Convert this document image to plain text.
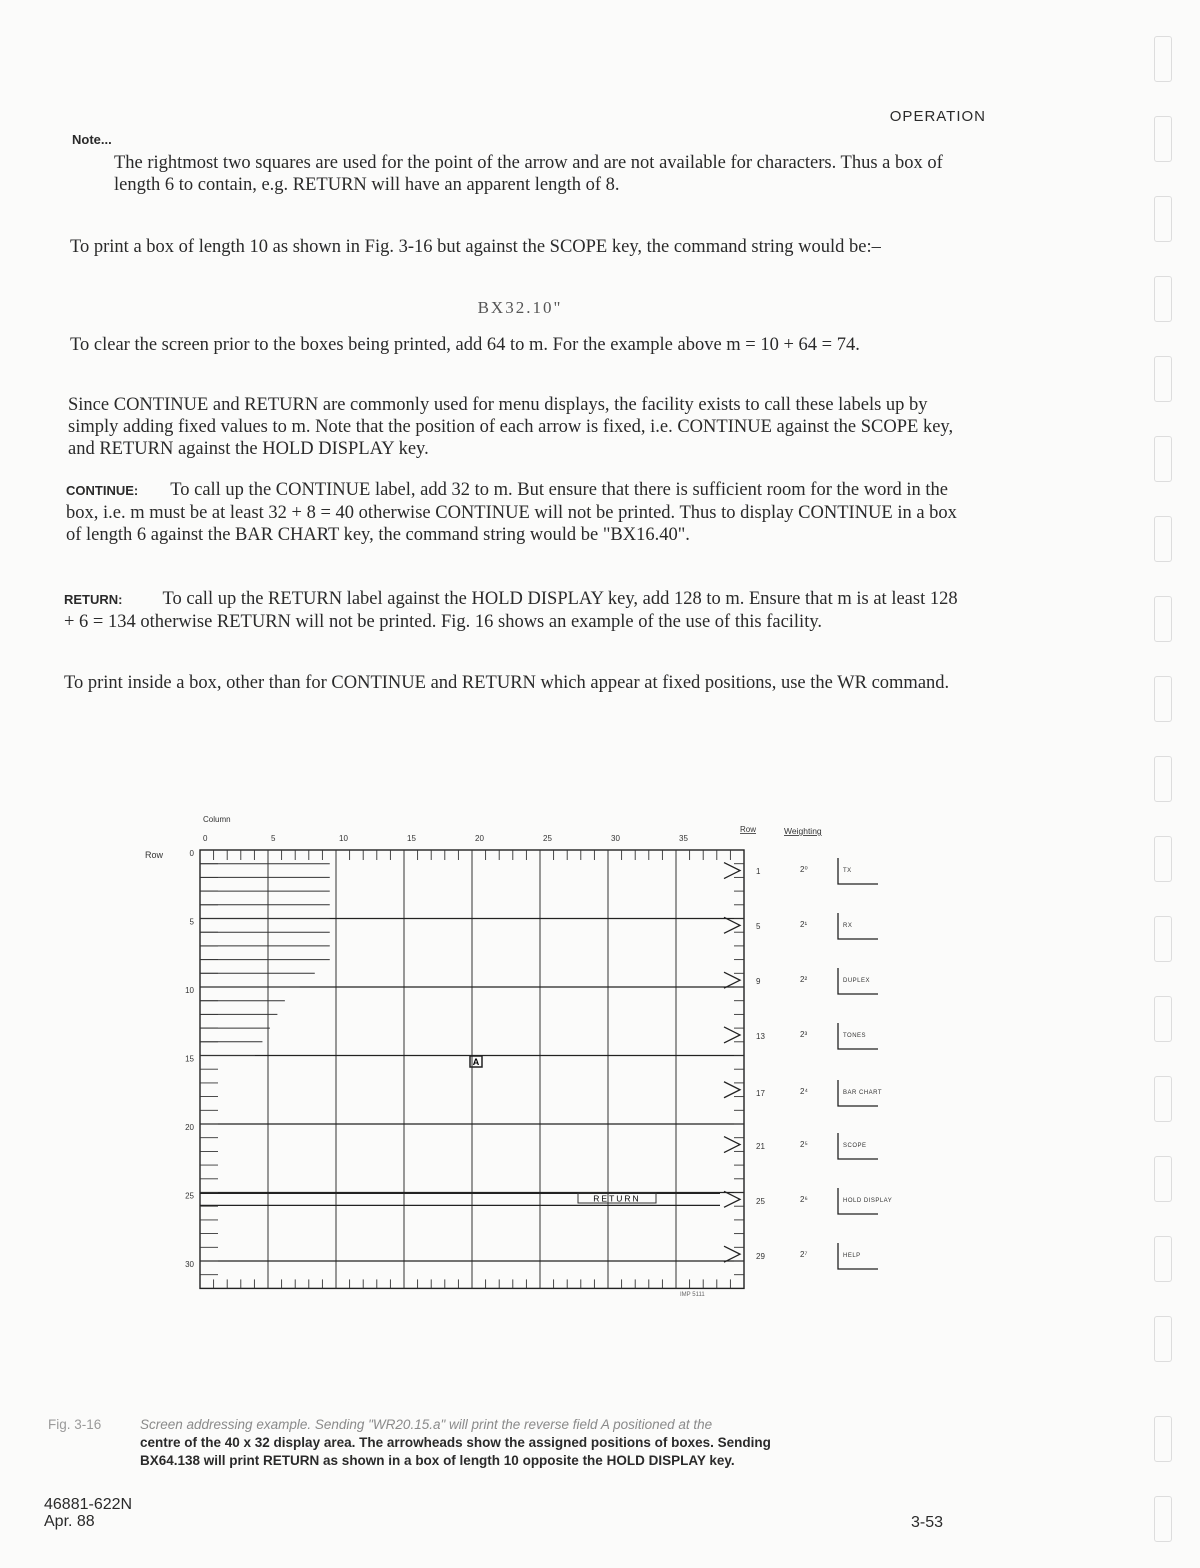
OPERATION
Note...

The rightmost two squares are used for the point of the arrow and are not available for characters. Thus a box of length 6 to contain, e.g. RETURN will have an apparent length of 8.

To print a box of length 10 as shown in Fig. 3-16 but against the SCOPE key, the command string would be:–

BX32.10"

To clear the screen prior to the boxes being printed, add 64 to m. For the example above m = 10 + 64 = 74.

Since CONTINUE and RETURN are commonly used for menu displays, the facility exists to call these labels up by simply adding fixed values to m. Note that the position of each arrow is fixed, i.e. CONTINUE against the SCOPE key, and RETURN against the HOLD DISPLAY key.

CONTINUE: To call up the CONTINUE label, add 32 to m. But ensure that there is sufficient room for the word in the box, i.e. m must be at least 32 + 8 = 40 otherwise CONTINUE will not be printed. Thus to display CONTINUE in a box of length 6 against the BAR CHART key, the command string would be "BX16.40".

RETURN: To call up the RETURN label against the HOLD DISPLAY key, add 128 to m. Ensure that m is at least 128 + 6 = 134 otherwise RETURN will not be printed. Fig. 16 shows an example of the use of this facility.

To print inside a box, other than for CONTINUE and RETURN which appear at fixed positions, use the WR command.

Column
Row
Row	Weighting
0	5	10	15	20	25	30	35
0
5
10
15
20
25
30
1	2⁰	TX
5	2¹	RX
9	2²	DUPLEX
13	2³	TONES
17	2⁴	BAR CHART
21	2⁵	SCOPE
25	2⁶	HOLD DISPLAY
29	2⁷	HELP
A
RETURN
IMP 5111
Fig. 3-16	Screen addressing example. Sending "WR20.15.a" will print the reverse field A positioned at the
centre of the 40 x 32 display area. The arrowheads show the assigned positions of boxes. Sending
BX64.138 will print RETURN as shown in a box of length 10 opposite the HOLD DISPLAY key.
46881-622N
Apr. 88	3-53
